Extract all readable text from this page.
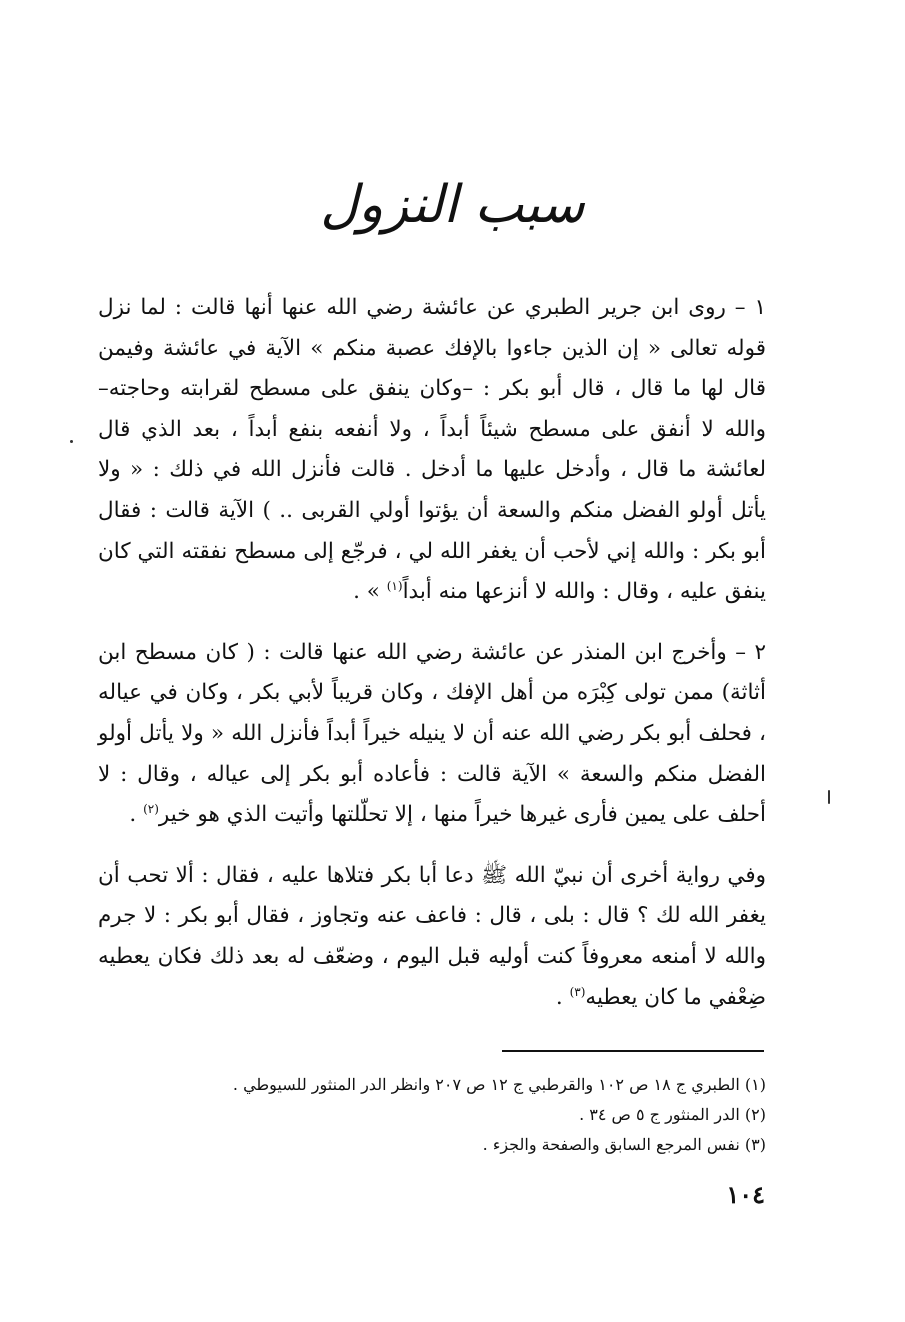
سبب النزول

١ – روى ابن جرير الطبري عن عائشة رضي الله عنها أنها قالت : لما نزل قوله تعالى « إن الذين جاءوا بالإفك عصبة منكم » الآية في عائشة وفيمن قال لها ما قال ، قال أبو بكر : –وكان ينفق على مسطح لقرابته وحاجته– والله لا أنفق على مسطح شيئاً أبداً ، ولا أنفعه بنفع أبداً ، بعد الذي قال لعائشة ما قال ، وأدخل عليها ما أدخل . قالت فأنزل الله في ذلك : « ولا يأتل أولو الفضل منكم والسعة أن يؤتوا أولي القربى .. ) الآية قالت : فقال أبو بكر : والله إني لأحب أن يغفر الله لي ، فرجّع إلى مسطح نفقته التي كان ينفق عليه ، وقال : والله لا أنزعها منه أبداً$^{(١)}$ » .

٢ – وأخرج ابن المنذر عن عائشة رضي الله عنها قالت : ( كان مسطح ابن أثاثة) ممن تولى كِبْرَه من أهل الإفك ، وكان قريباً لأبي بكر ، وكان في عياله ، فحلف أبو بكر رضي الله عنه أن لا ينيله خيراً أبداً فأنزل الله « ولا يأتل أولو الفضل منكم والسعة » الآية قالت : فأعاده أبو بكر إلى عياله ، وقال : لا أحلف على يمين فأرى غيرها خيراً منها ، إلا تحلّلتها وأتيت الذي هو خير$^{(٢)}$ .

وفي رواية أخرى أن نبيّ الله ﷺ دعا أبا بكر فتلاها عليه ، فقال : ألا تحب أن يغفر الله لك ؟ قال : بلى ، قال : فاعف عنه وتجاوز ، فقال أبو بكر : لا جرم والله لا أمنعه معروفاً كنت أوليه قبل اليوم ، وضعّف له بعد ذلك فكان يعطيه ضِعْفي ما كان يعطيه$^{(٣)}$ .

(١) الطبري ج ١٨ ص ١٠٢ والقرطبي ج ١٢ ص ٢٠٧ وانظر الدر المنثور للسيوطي .
(٢) الدر المنثور ج ٥ ص ٣٤ .
(٣) نفس المرجع السابق والصفحة والجزء .
١٠٤
